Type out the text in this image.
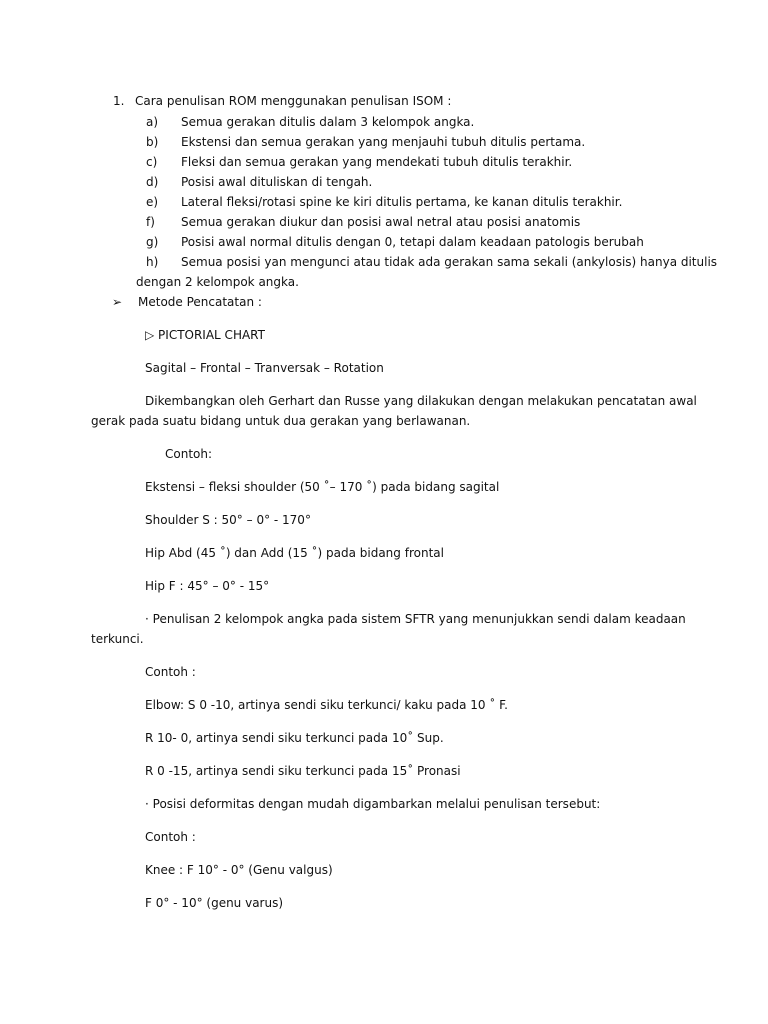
1. Cara penulisan ROM menggunakan penulisan ISOM :
a) Semua gerakan ditulis dalam 3 kelompok angka.
b) Ekstensi dan semua gerakan yang menjauhi tubuh ditulis pertama.
c) Fleksi dan semua gerakan yang mendekati tubuh ditulis terakhir.
d) Posisi awal dituliskan di tengah.
e) Lateral fleksi/rotasi spine ke kiri ditulis pertama, ke kanan ditulis terakhir.
f) Semua gerakan diukur dan posisi awal netral atau posisi anatomis
g) Posisi awal normal ditulis dengan 0, tetapi dalam keadaan patologis berubah
h) Semua posisi yan mengunci atau tidak ada gerakan sama sekali (ankylosis) hanya ditulis
dengan 2 kelompok angka.
➢ Metode Pencatatan :
▷ PICTORIAL CHART
Sagital – Frontal – Tranversak – Rotation
Dikembangkan oleh Gerhart dan Russe yang dilakukan dengan melakukan pencatatan awal
gerak pada suatu bidang untuk dua gerakan yang berlawanan.
Contoh:
Ekstensi – fleksi shoulder (50 ˚– 170 ˚) pada bidang sagital
Shoulder S : 50° – 0° - 170°
Hip Abd (45 ˚) dan Add (15 ˚) pada bidang frontal
Hip F : 45° – 0° - 15°
· Penulisan 2 kelompok angka pada sistem SFTR yang menunjukkan sendi dalam keadaan
terkunci.
Contoh :
Elbow: S 0 -10, artinya sendi siku terkunci/ kaku pada 10 ˚ F.
R 10- 0, artinya sendi siku terkunci pada 10˚ Sup.
R 0 -15, artinya sendi siku terkunci pada 15˚ Pronasi
· Posisi deformitas dengan mudah digambarkan melalui penulisan tersebut:
Contoh :
Knee : F 10° - 0° (Genu valgus)
F 0° - 10° (genu varus)
